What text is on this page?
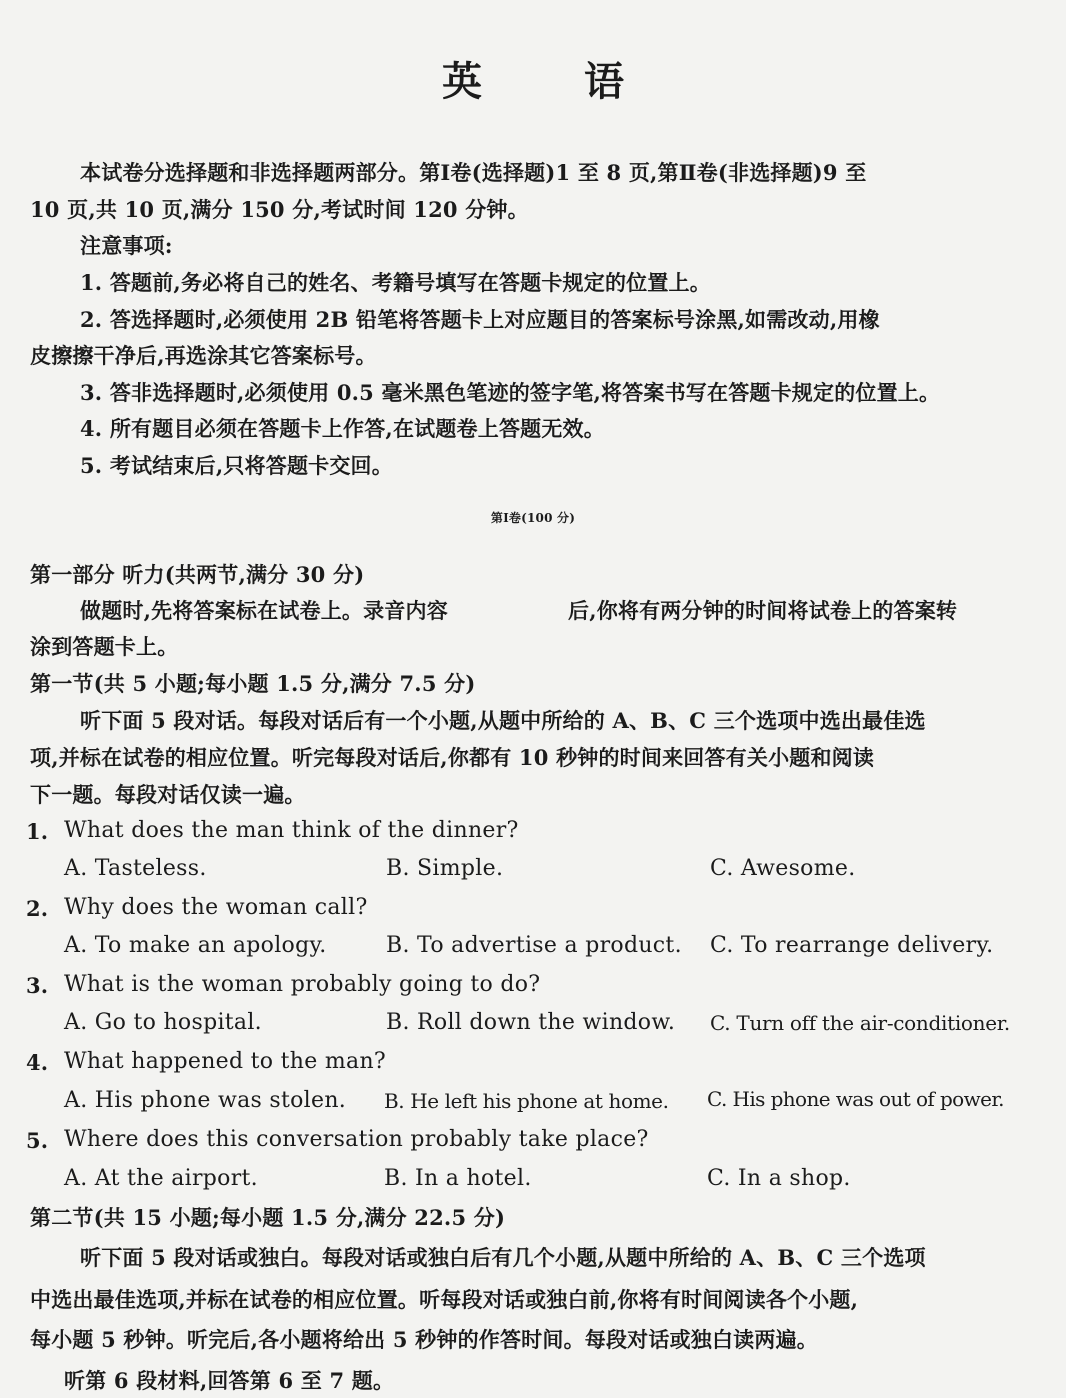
英 语
本试卷分选择题和非选择题两部分。第Ⅰ卷(选择题)1 至 8 页,第Ⅱ卷(非选择题)9 至
10 页,共 10 页,满分 150 分,考试时间 120 分钟。
注意事项:
1. 答题前,务必将自己的姓名、考籍号填写在答题卡规定的位置上。
2. 答选择题时,必须使用 2B 铅笔将答题卡上对应题目的答案标号涂黑,如需改动,用橡
皮擦擦干净后,再选涂其它答案标号。
3. 答非选择题时,必须使用 0.5 毫米黑色笔迹的签字笔,将答案书写在答题卡规定的位置上。
4. 所有题目必须在答题卡上作答,在试题卷上答题无效。
5. 考试结束后,只将答题卡交回。
第Ⅰ卷(100 分)
第一部分 听力(共两节,满分 30 分)
做题时,先将答案标在试卷上。录音内容	后,你将有两分钟的时间将试卷上的答案转
涂到答题卡上。
第一节(共 5 小题;每小题 1.5 分,满分 7.5 分)
听下面 5 段对话。每段对话后有一个小题,从题中所给的 A、B、C 三个选项中选出最佳选
项,并标在试卷的相应位置。听完每段对话后,你都有 10 秒钟的时间来回答有关小题和阅读
下一题。每段对话仅读一遍。
1. What does the man think of the dinner?
A. Tasteless.	B. Simple.	C. Awesome.
2. Why does the woman call?
A. To make an apology.	B. To advertise a product. C. To rearrange delivery.
3. What is the woman probably going to do?
A. Go to hospital.	B. Roll down the window. C. Turn off the air-conditioner.
4. What happened to the man?
A. His phone was stolen. B. He left his phone at home. C. His phone was out of power.
5. Where does this conversation probably take place?
A. At the airport.	B. In a hotel.	C. In a shop.
第二节(共 15 小题;每小题 1.5 分,满分 22.5 分)
听下面 5 段对话或独白。每段对话或独白后有几个小题,从题中所给的 A、B、C 三个选项
中选出最佳选项,并标在试卷的相应位置。听每段对话或独白前,你将有时间阅读各个小题,
每小题 5 秒钟。听完后,各小题将给出 5 秒钟的作答时间。每段对话或独白读两遍。
听第 6 段材料,回答第 6 至 7 题。
